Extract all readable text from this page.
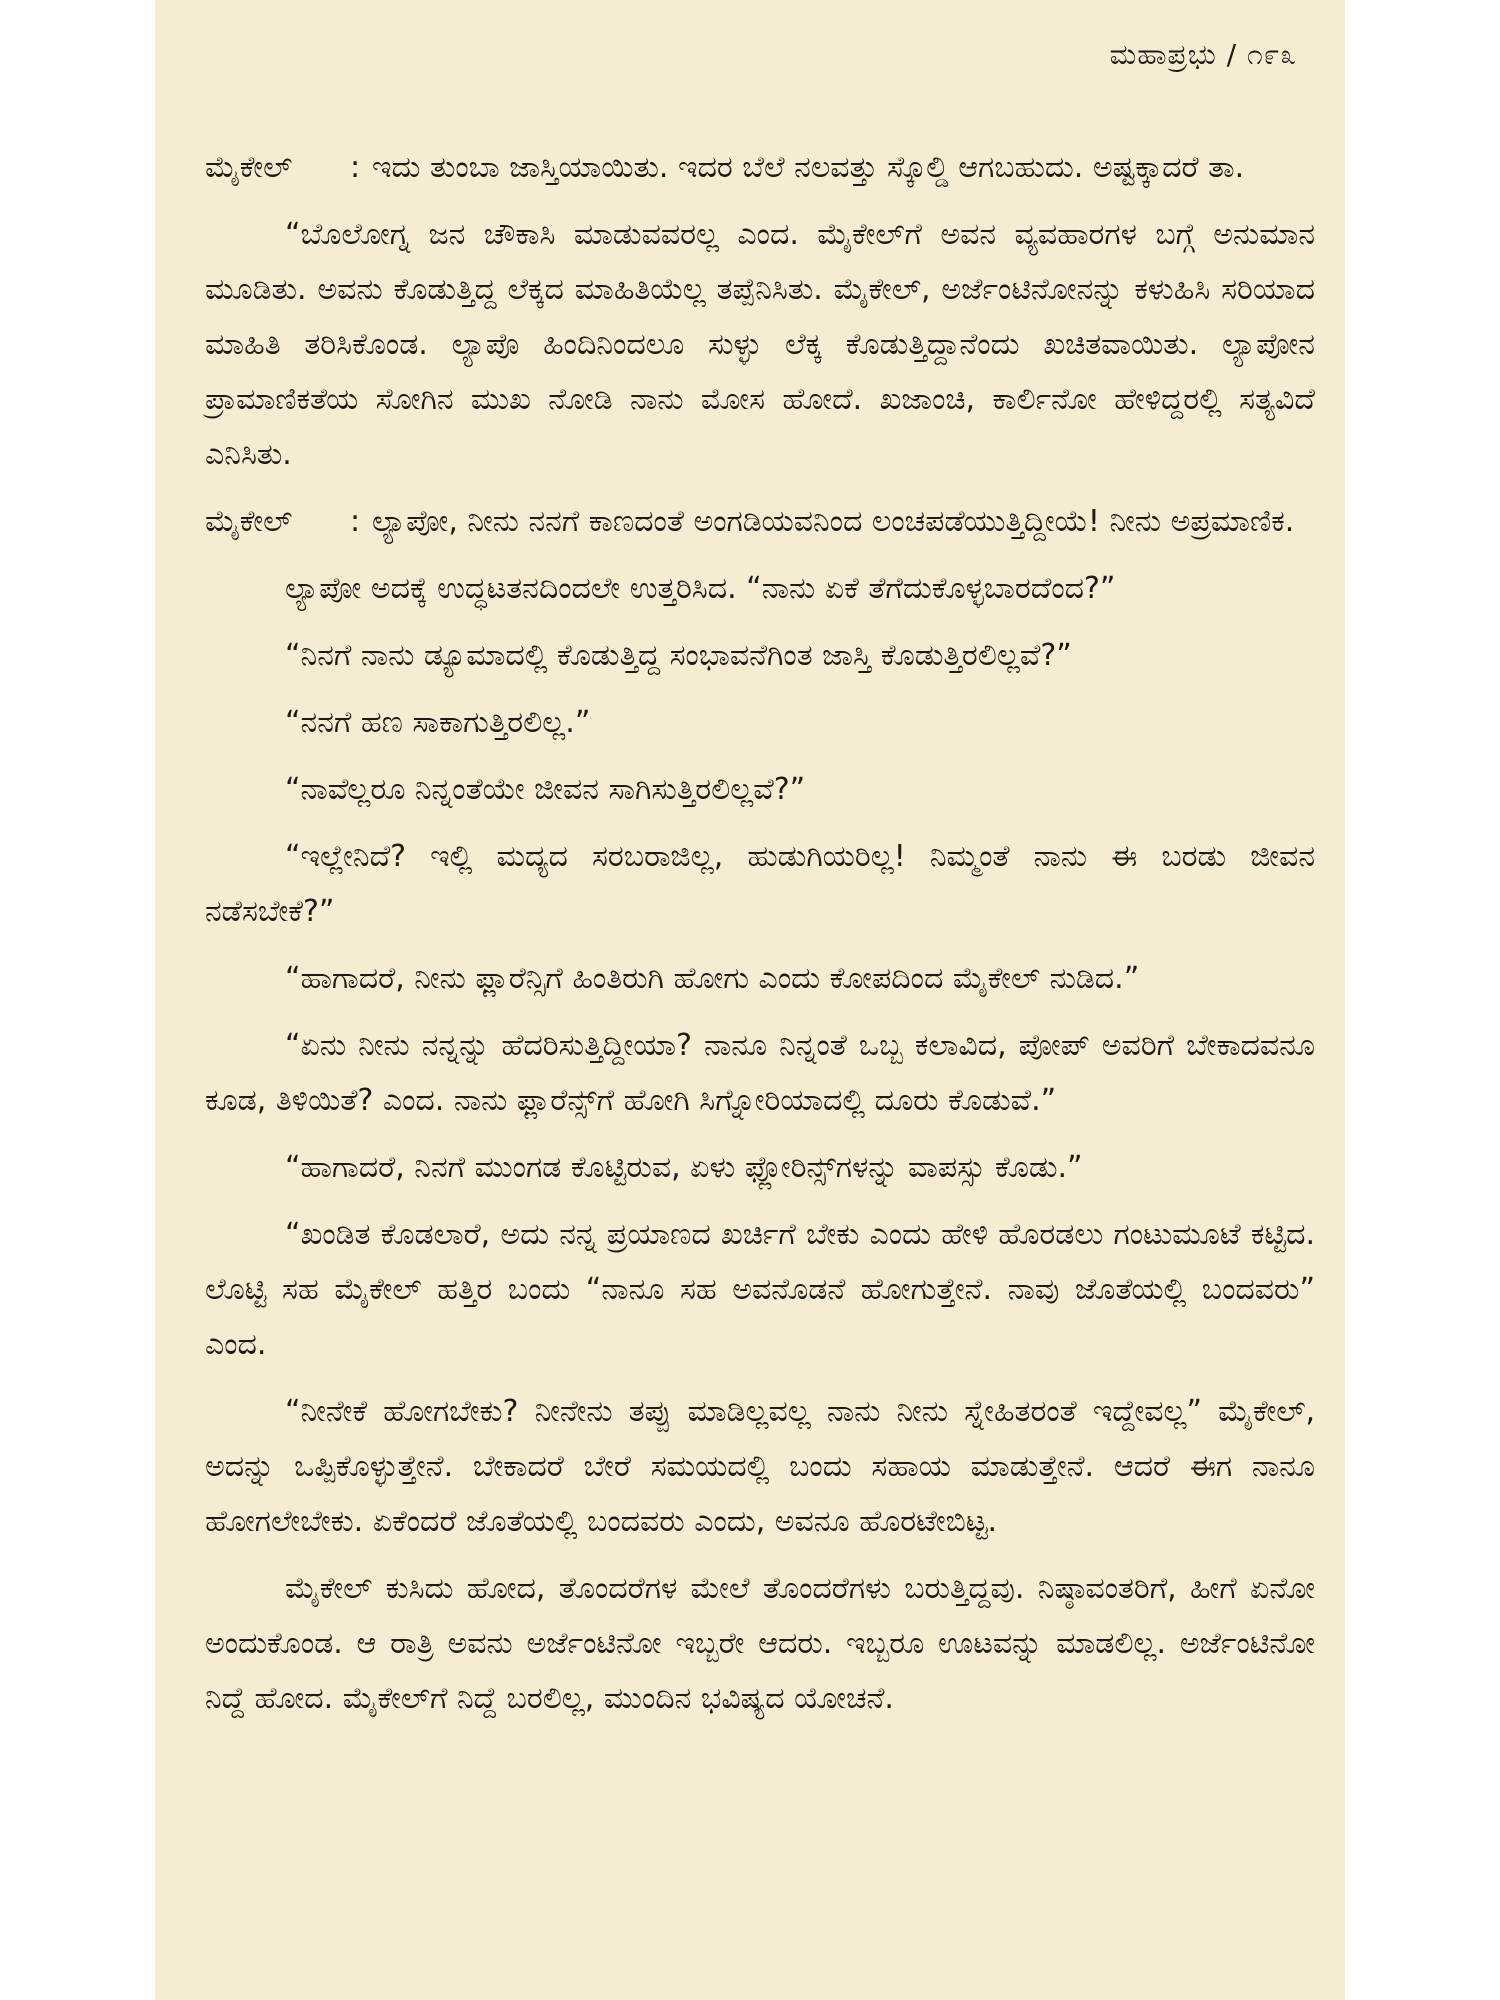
ಮಹಾಪ್ರಭು / ೧೯೩
ಮೈಕೇಲ್	: ಇದು ತುಂಬಾ ಜಾಸ್ತಿಯಾಯಿತು. ಇದರ ಬೆಲೆ ನಲವತ್ತು ಸ್ಕೊಲ್ಡಿ ಆಗಬಹುದು. ಅಷ್ಟಕ್ಕಾದರೆ ತಾ.

“ಬೊಲೋಗ್ನ ಜನ ಚೌಕಾಸಿ ಮಾಡುವವರಲ್ಲ ಎಂದ. ಮೈಕೇಲ್‌ಗೆ ಅವನ ವ್ಯವಹಾರಗಳ ಬಗ್ಗೆ ಅನುಮಾನ ಮೂಡಿತು. ಅವನು ಕೊಡುತ್ತಿದ್ದ ಲೆಕ್ಕದ ಮಾಹಿತಿಯೆಲ್ಲ ತಪ್ಪೆನಿಸಿತು. ಮೈಕೇಲ್, ಅರ್ಜೆಂಟಿನೋನನ್ನು ಕಳುಹಿಸಿ ಸರಿಯಾದ ಮಾಹಿತಿ ತರಿಸಿಕೊಂಡ. ಲ್ಯಾಪೊ ಹಿಂದಿನಿಂದಲೂ ಸುಳ್ಳು ಲೆಕ್ಕ ಕೊಡುತ್ತಿದ್ದಾನೆಂದು ಖಚಿತವಾಯಿತು. ಲ್ಯಾಪೋನ ಪ್ರಾಮಾಣಿಕತೆಯ ಸೋಗಿನ ಮುಖ ನೋಡಿ ನಾನು ಮೋಸ ಹೋದೆ. ಖಜಾಂಚಿ, ಕಾರ್ಲಿನೋ ಹೇಳಿದ್ದರಲ್ಲಿ ಸತ್ಯವಿದೆ ಎನಿಸಿತು.

ಮೈಕೇಲ್	: ಲ್ಯಾಪೋ, ನೀನು ನನಗೆ ಕಾಣದಂತೆ ಅಂಗಡಿಯವನಿಂದ ಲಂಚಪಡೆಯುತ್ತಿದ್ದೀಯೆ! ನೀನು ಅಪ್ರಮಾಣಿಕ.

ಲ್ಯಾಪೋ ಅದಕ್ಕೆ ಉದ್ಧಟತನದಿಂದಲೇ ಉತ್ತರಿಸಿದ. “ನಾನು ಏಕೆ ತೆಗೆದುಕೊಳ್ಳಬಾರದೆಂದ?”

“ನಿನಗೆ ನಾನು ಡ್ಯೂಮಾದಲ್ಲಿ ಕೊಡುತ್ತಿದ್ದ ಸಂಭಾವನೆಗಿಂತ ಜಾಸ್ತಿ ಕೊಡುತ್ತಿರಲಿಲ್ಲವೆ?”

“ನನಗೆ ಹಣ ಸಾಕಾಗುತ್ತಿರಲಿಲ್ಲ.”

“ನಾವೆಲ್ಲರೂ ನಿನ್ನಂತೆಯೇ ಜೀವನ ಸಾಗಿಸುತ್ತಿರಲಿಲ್ಲವೆ?”

“ಇಲ್ಲೇನಿದೆ? ಇಲ್ಲಿ ಮದ್ಯದ ಸರಬರಾಜಿಲ್ಲ, ಹುಡುಗಿಯರಿಲ್ಲ! ನಿಮ್ಮಂತೆ ನಾನು ಈ ಬರಡು ಜೀವನ ನಡೆಸಬೇಕೆ?”

“ಹಾಗಾದರೆ, ನೀನು ಫ್ಲಾರೆನ್ಸಿಗೆ ಹಿಂತಿರುಗಿ ಹೋಗು ಎಂದು ಕೋಪದಿಂದ ಮೈಕೇಲ್ ನುಡಿದ.”

“ಏನು ನೀನು ನನ್ನನ್ನು ಹೆದರಿಸುತ್ತಿದ್ದೀಯಾ? ನಾನೂ ನಿನ್ನಂತೆ ಒಬ್ಬ ಕಲಾವಿದ, ಪೋಪ್ ಅವರಿಗೆ ಬೇಕಾದವನೂ ಕೂಡ, ತಿಳಿಯಿತೆ? ಎಂದ. ನಾನು ಫ್ಲಾರೆನ್ಸ್‌ಗೆ ಹೋಗಿ ಸಿಗ್ನೋರಿಯಾದಲ್ಲಿ ದೂರು ಕೊಡುವೆ.”

“ಹಾಗಾದರೆ, ನಿನಗೆ ಮುಂಗಡ ಕೊಟ್ಟಿರುವ, ಏಳು ಫ್ಲೋರಿನ್ಸ್‌ಗಳನ್ನು ವಾಪಸ್ಸು ಕೊಡು.”

“ಖಂಡಿತ ಕೊಡಲಾರೆ, ಅದು ನನ್ನ ಪ್ರಯಾಣದ ಖರ್ಚಿಗೆ ಬೇಕು ಎಂದು ಹೇಳಿ ಹೊರಡಲು ಗಂಟುಮೂಟೆ ಕಟ್ಟಿದ. ಲೊಟ್ಟಿ ಸಹ ಮೈಕೇಲ್ ಹತ್ತಿರ ಬಂದು “ನಾನೂ ಸಹ ಅವನೊಡನೆ ಹೋಗುತ್ತೇನೆ. ನಾವು ಜೊತೆಯಲ್ಲಿ ಬಂದವರು” ಎಂದ.

“ನೀನೇಕೆ ಹೋಗಬೇಕು? ನೀನೇನು ತಪ್ಪು ಮಾಡಿಲ್ಲವಲ್ಲ ನಾನು ನೀನು ಸ್ನೇಹಿತರಂತೆ ಇದ್ದೇವಲ್ಲ” ಮೈಕೇಲ್, ಅದನ್ನು ಒಪ್ಪಿಕೊಳ್ಳುತ್ತೇನೆ. ಬೇಕಾದರೆ ಬೇರೆ ಸಮಯದಲ್ಲಿ ಬಂದು ಸಹಾಯ ಮಾಡುತ್ತೇನೆ. ಆದರೆ ಈಗ ನಾನೂ ಹೋಗಲೇಬೇಕು. ಏಕೆಂದರೆ ಜೊತೆಯಲ್ಲಿ ಬಂದವರು ಎಂದು, ಅವನೂ ಹೊರಟೇಬಿಟ್ಟ.

ಮೈಕೇಲ್ ಕುಸಿದು ಹೋದ, ತೊಂದರೆಗಳ ಮೇಲೆ ತೊಂದರೆಗಳು ಬರುತ್ತಿದ್ದವು. ನಿಷ್ಠಾವಂತರಿಗೆ, ಹೀಗೆ ಏನೋ ಅಂದುಕೊಂಡ. ಆ ರಾತ್ರಿ ಅವನು ಅರ್ಜೆಂಟಿನೋ ಇಬ್ಬರೇ ಆದರು. ಇಬ್ಬರೂ ಊಟವನ್ನು ಮಾಡಲಿಲ್ಲ. ಅರ್ಜೆಂಟಿನೋ ನಿದ್ದೆ ಹೋದ. ಮೈಕೇಲ್‌ಗೆ ನಿದ್ದೆ ಬರಲಿಲ್ಲ, ಮುಂದಿನ ಭವಿಷ್ಯದ ಯೋಚನೆ.
